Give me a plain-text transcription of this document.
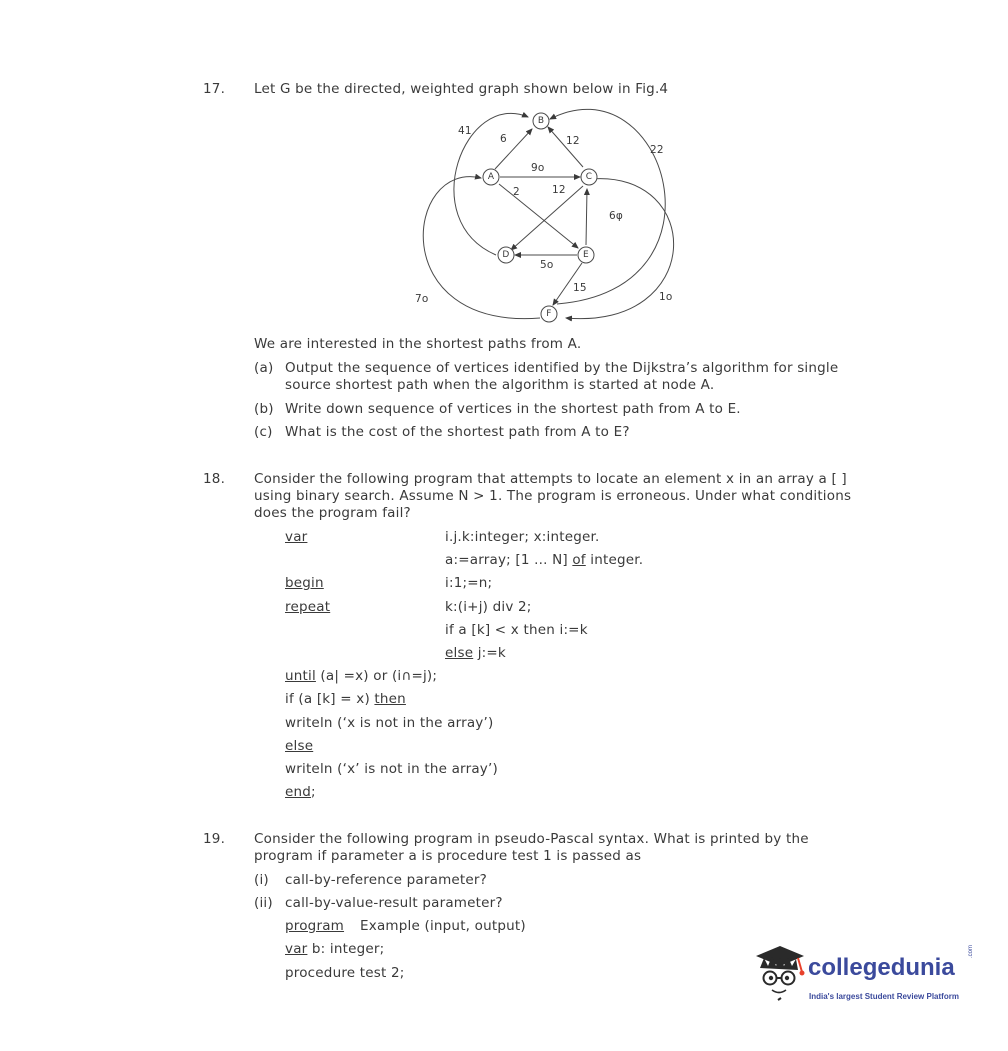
17. Let G be the directed, weighted graph shown below in Fig.4
B
A	C
D	E
F
41
6	12
22
9o
2	12
6φ
5o
15
1o
7o
We are interested in the shortest paths from A.
(a) Output the sequence of vertices identified by the Dijkstra’s algorithm for single source shortest path when the algorithm is started at node A.
(b) Write down sequence of vertices in the shortest path from A to E.
(c) What is the cost of the shortest path from A to E?
18. Consider the following program that attempts to locate an element x in an array a [ ] using binary search. Assume N > 1. The program is erroneous. Under what conditions does the program fail?
var	i.j.k:integer; x:integer.
a:=array; [1 ... N] of integer.
begin	i:1;=n;
repeat	k:(i+j) div 2;
if a [k] < x then i:=k
else j:=k
until (a| =x) or (i∩=j);
if (a [k] = x) then
writeln (‘x is not in the array’)
else
writeln (‘x’ is not in the array’)
end;
19. Consider the following program in pseudo-Pascal syntax. What is printed by the program if parameter a is procedure test 1 is passed as
(i) call-by-reference parameter?
(ii) call-by-value-result parameter?
program Example (input, output)
var b: integer;
procedure test 2;	collegedunia
.com
India's largest Student Review Platform
